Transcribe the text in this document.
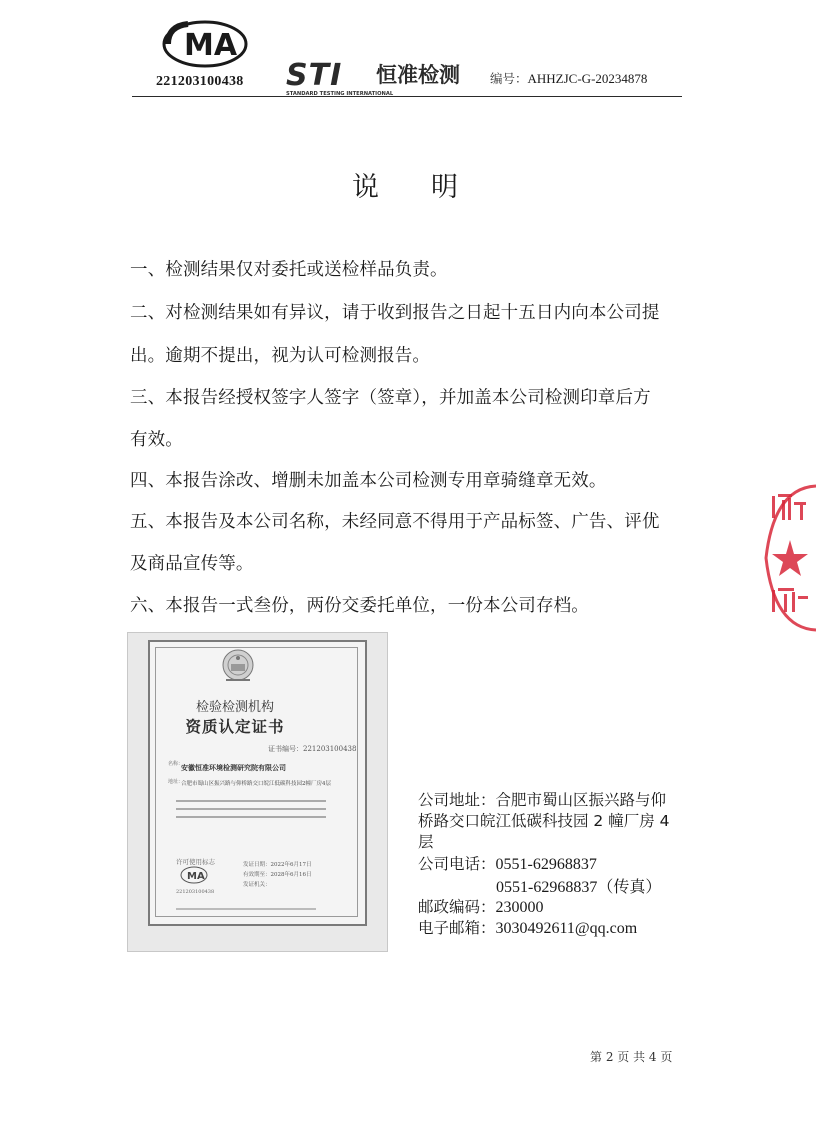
MA
221203100438 STI 恒准检测
STANDARD TESTING INTERNATIONAL
编号：AHHZJC-G-20234878
说明
一、检测结果仅对委托或送检样品负责。
二、对检测结果如有异议，请于收到报告之日起十五日内向本公司提
出。逾期不提出，视为认可检测报告。
三、本报告经授权签字人签字（签章），并加盖本公司检测印章后方
有效。
四、本报告涂改、增删未加盖本公司检测专用章骑缝章无效。
五、本报告及本公司名称，未经同意不得用于产品标签、广告、评优
及商品宣传等。
六、本报告一式叁份，两份交委托单位，一份本公司存档。
检验检测机构
资质认定证书
证书编号：221203100438
名称：
安徽恒准环境检测研究院有限公司
地址：
合肥市蜀山区振兴路与仰桥路交口皖江低碳科技园2幢厂房4层
许可使用标志
MA
221203100438
发证日期：2022年6月17日
有效期至：2028年6月16日
发证机关：
公司地址：合肥市蜀山区振兴路与仰
桥路交口皖江低碳科技园 2 幢厂房 4
层
公司电话：0551-62968837
0551-62968837（传真）
邮政编码：230000
电子邮箱：3030492611@qq.com
第 2 页 共 4 页
